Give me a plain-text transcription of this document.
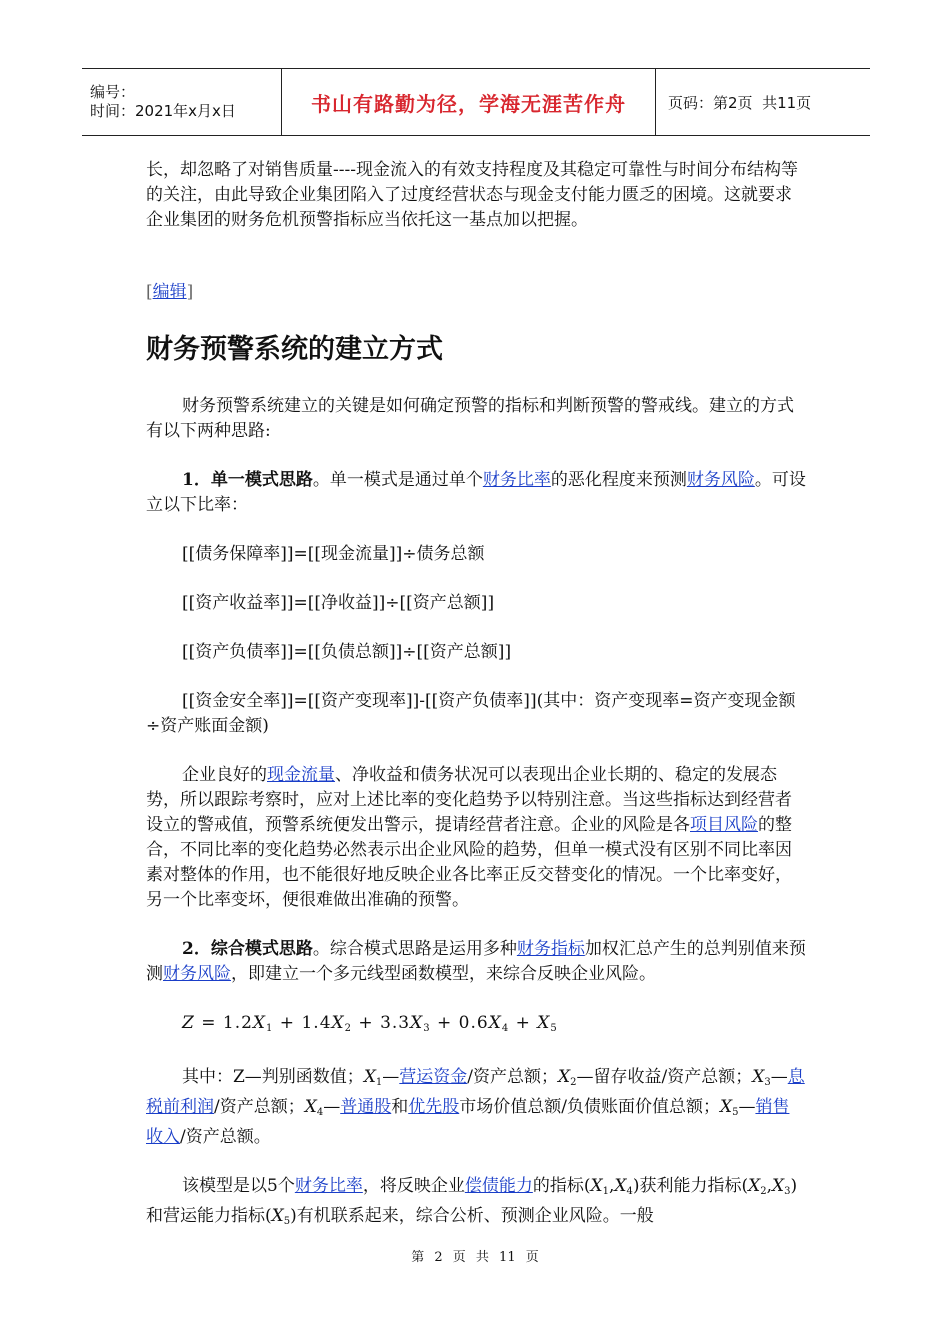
编号：
时间：2021年x月x日	书山有路勤为径，学海无涯苦作舟	页码：第2页  共11页

长，却忽略了对销售质量----现金流入的有效支持程度及其稳定可靠性与时间分布结构等的关注，由此导致企业集团陷入了过度经营状态与现金支付能力匮乏的困境。这就要求企业集团的财务危机预警指标应当依托这一基点加以把握。

[编辑]

财务预警系统的建立方式

财务预警系统建立的关键是如何确定预警的指标和判断预警的警戒线。建立的方式有以下两种思路:

1．单一模式思路。单一模式是通过单个财务比率的恶化程度来预测财务风险。可设立以下比率：

[[债务保障率]]=[[现金流量]]÷债务总额

[[资产收益率]]=[[净收益]]÷[[资产总额]]

[[资产负债率]]=[[负债总额]]÷[[资产总额]]

[[资金安全率]]=[[资产变现率]]-[[资产负债率]](其中：资产变现率=资产变现金额÷资产账面金额)

企业良好的现金流量、净收益和债务状况可以表现出企业长期的、稳定的发展态势，所以跟踪考察时，应对上述比率的变化趋势予以特别注意。当这些指标达到经营者设立的警戒值，预警系统便发出警示，提请经营者注意。企业的风险是各项目风险的整合，不同比率的变化趋势必然表示出企业风险的趋势，但单一模式没有区别不同比率因素对整体的作用，也不能很好地反映企业各比率正反交替变化的情况。一个比率变好，另一个比率变坏，便很难做出准确的预警。

2．综合模式思路。综合模式思路是运用多种财务指标加权汇总产生的总判别值来预测财务风险，即建立一个多元线型函数模型，来综合反映企业风险。

$Z = 1.2X_1 + 1.4X_2 + 3.3X_3 + 0.6X_4 + X_5$

其中：Z—判别函数值；$X_1—$营运资金/资产总额；$X_2—$留存收益/资产总额；$X_3—$息税前利润/资产总额；$X_4—$普通股和优先股市场价值总额/负债账面价值总额；$X_5—$销售收入/资产总额。

该模型是以5个财务比率，将反映企业偿债能力的指标$(X_1,X_4)$获利能力指标$(X_2,X_3)$和营运能力指标$(X_5)$有机联系起来，综合公析、预测企业风险。一般

第 2 页 共 11 页
